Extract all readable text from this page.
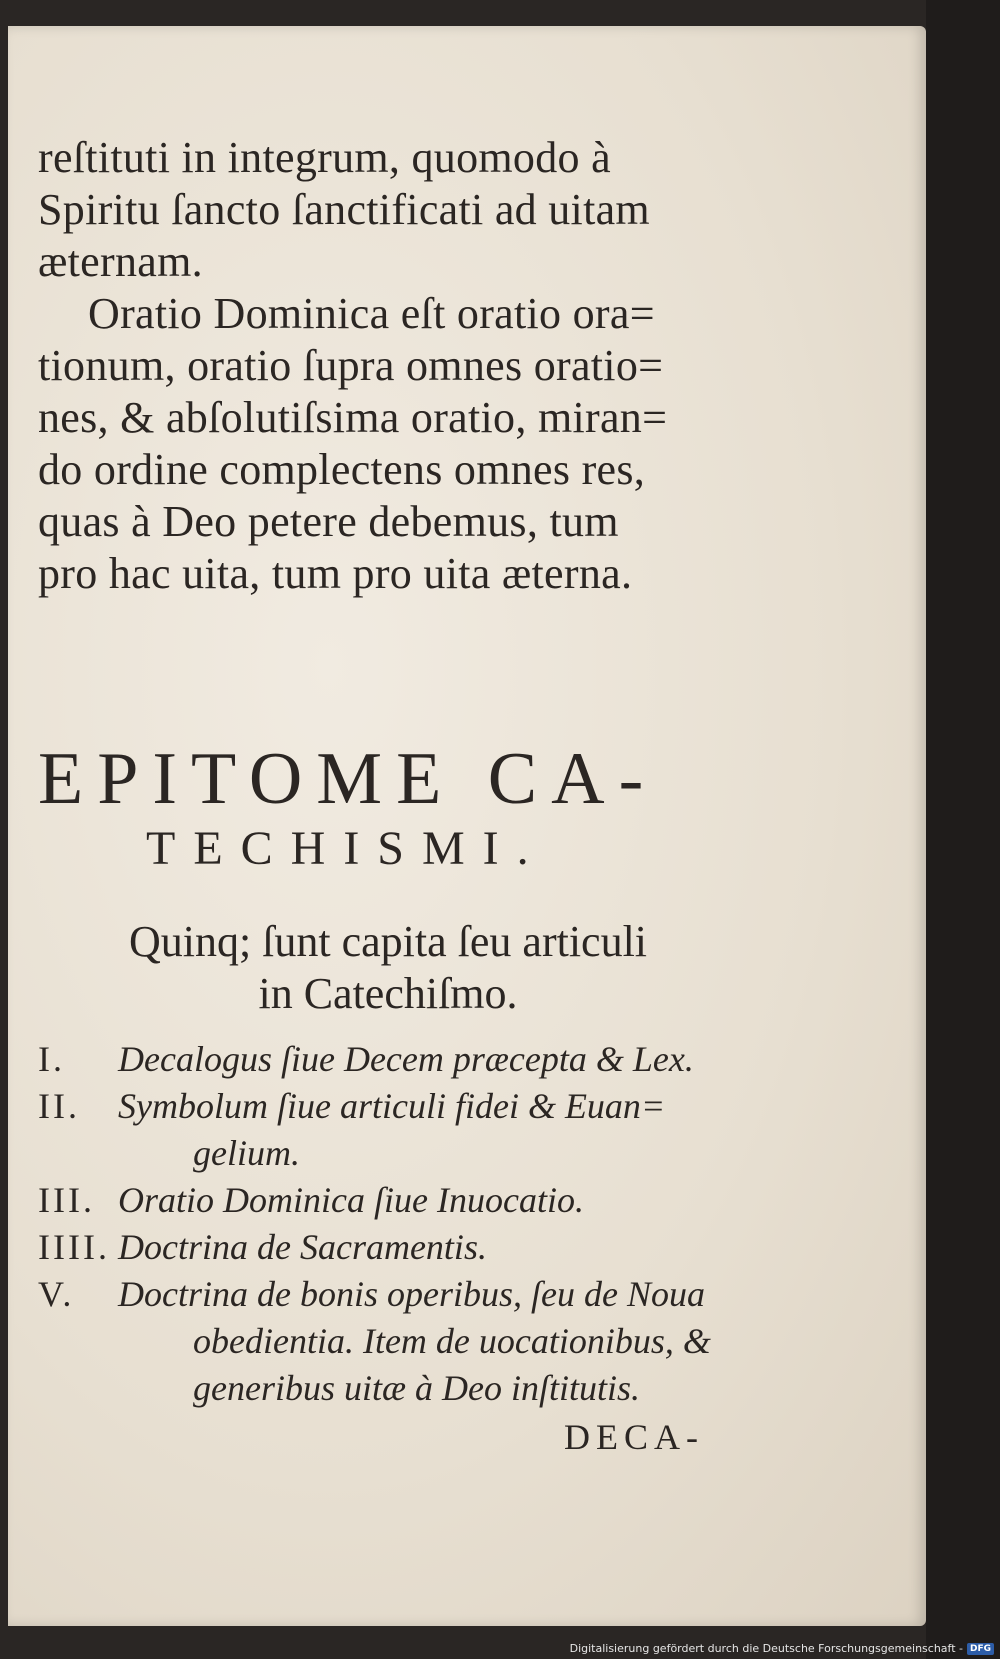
reſtituti in integrum, quomodo à
Spiritu ſancto ſanctificati ad uitam
æternam.
Oratio Dominica eſt oratio ora=
tionum, oratio ſupra omnes oratio=
nes, & abſolutiſsima oratio, miran=
do ordine complectens omnes res,
quas à Deo petere debemus, tum
pro hac uita, tum pro uita æterna.
EPITOME CA-
TECHISMI.
Quinq; ſunt capita ſeu articuli
in Catechiſmo.
I.	Decalogus ſiue Decem præcepta & Lex.
II.	Symbolum ſiue articuli fidei & Euan=
gelium.
III. Oratio Dominica ſiue Inuocatio.
IIII. Doctrina de Sacramentis.
V.	Doctrina de bonis operibus, ſeu de Noua
obedientia. Item de uocationibus, &
generibus uitæ à Deo inſtitutis.
DECA-
Digitalisierung gefördert durch die Deutsche Forschungsgemeinschaft - DFG
